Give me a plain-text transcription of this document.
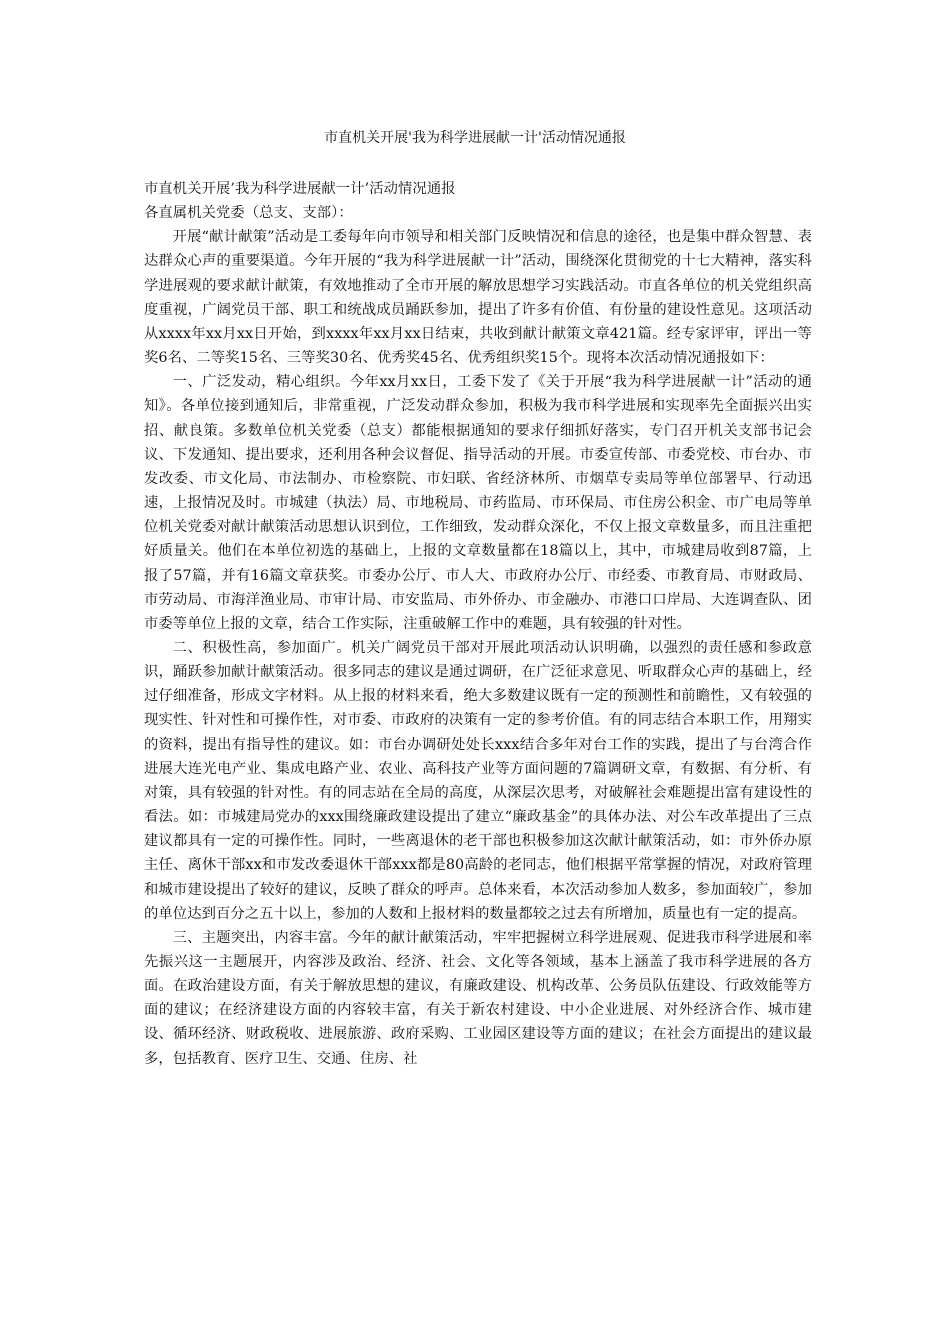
市直机关开展'我为科学进展献一计'活动情况通报

市直机关开展’我为科学进展献一计’活动情况通报

各直属机关党委（总支、支部）：

开展“献计献策”活动是工委每年向市领导和相关部门反映情况和信息的途径，也是集中群众智慧、表达群众心声的重要渠道。今年开展的“我为科学进展献一计”活动，围绕深化贯彻党的十七大精神，落实科学进展观的要求献计献策，有效地推动了全市开展的解放思想学习实践活动。市直各单位的机关党组织高度重视，广阔党员干部、职工和统战成员踊跃参加，提出了许多有价值、有份量的建设性意见。这项活动从xxxx年xx月xx日开始，到xxxx年xx月xx日结束，共收到献计献策文章421篇。经专家评审，评出一等奖6名、二等奖15名、三等奖30名、优秀奖45名、优秀组织奖15个。现将本次活动情况通报如下：

一、广泛发动，精心组织。今年xx月xx日，工委下发了《关于开展“我为科学进展献一计”活动的通知》。各单位接到通知后，非常重视，广泛发动群众参加，积极为我市科学进展和实现率先全面振兴出实招、献良策。多数单位机关党委（总支）都能根据通知的要求仔细抓好落实，专门召开机关支部书记会议、下发通知、提出要求，还利用各种会议督促、指导活动的开展。市委宣传部、市委党校、市台办、市发改委、市文化局、市法制办、市检察院、市妇联、省经济林所、市烟草专卖局等单位部署早、行动迅速，上报情况及时。市城建（执法）局、市地税局、市药监局、市环保局、市住房公积金、市广电局等单位机关党委对献计献策活动思想认识到位，工作细致，发动群众深化，不仅上报文章数量多，而且注重把好质量关。他们在本单位初选的基础上，上报的文章数量都在18篇以上，其中，市城建局收到87篇，上报了57篇，并有16篇文章获奖。市委办公厅、市人大、市政府办公厅、市经委、市教育局、市财政局、市劳动局、市海洋渔业局、市审计局、市安监局、市外侨办、市金融办、市港口口岸局、大连调查队、团市委等单位上报的文章，结合工作实际，注重破解工作中的难题，具有较强的针对性。

二、积极性高，参加面广。机关广阔党员干部对开展此项活动认识明确，以强烈的责任感和参政意识，踊跃参加献计献策活动。很多同志的建议是通过调研，在广泛征求意见、听取群众心声的基础上，经过仔细准备，形成文字材料。从上报的材料来看，绝大多数建议既有一定的预测性和前瞻性，又有较强的现实性、针对性和可操作性，对市委、市政府的决策有一定的参考价值。有的同志结合本职工作，用翔实的资料，提出有指导性的建议。如：市台办调研处处长xxx结合多年对台工作的实践，提出了与台湾合作进展大连光电产业、集成电路产业、农业、高科技产业等方面问题的7篇调研文章，有数据、有分析、有对策，具有较强的针对性。有的同志站在全局的高度，从深层次思考，对破解社会难题提出富有建设性的看法。如：市城建局党办的xxx围绕廉政建设提出了建立“廉政基金”的具体办法、对公车改革提出了三点建议都具有一定的可操作性。同时，一些离退休的老干部也积极参加这次献计献策活动，如：市外侨办原主任、离休干部xx和市发改委退休干部xxx都是80高龄的老同志，他们根据平常掌握的情况，对政府管理和城市建设提出了较好的建议，反映了群众的呼声。总体来看，本次活动参加人数多，参加面较广，参加的单位达到百分之五十以上，参加的人数和上报材料的数量都较之过去有所增加，质量也有一定的提高。

三、主题突出，内容丰富。今年的献计献策活动，牢牢把握树立科学进展观、促进我市科学进展和率先振兴这一主题展开，内容涉及政治、经济、社会、文化等各领域，基本上涵盖了我市科学进展的各方面。在政治建设方面，有关于解放思想的建议，有廉政建设、机构改革、公务员队伍建设、行政效能等方面的建议；在经济建设方面的内容较丰富，有关于新农村建设、中小企业进展、对外经济合作、城市建设、循环经济、财政税收、进展旅游、政府采购、工业园区建设等方面的建议；在社会方面提出的建议最多，包括教育、医疗卫生、交通、住房、社
